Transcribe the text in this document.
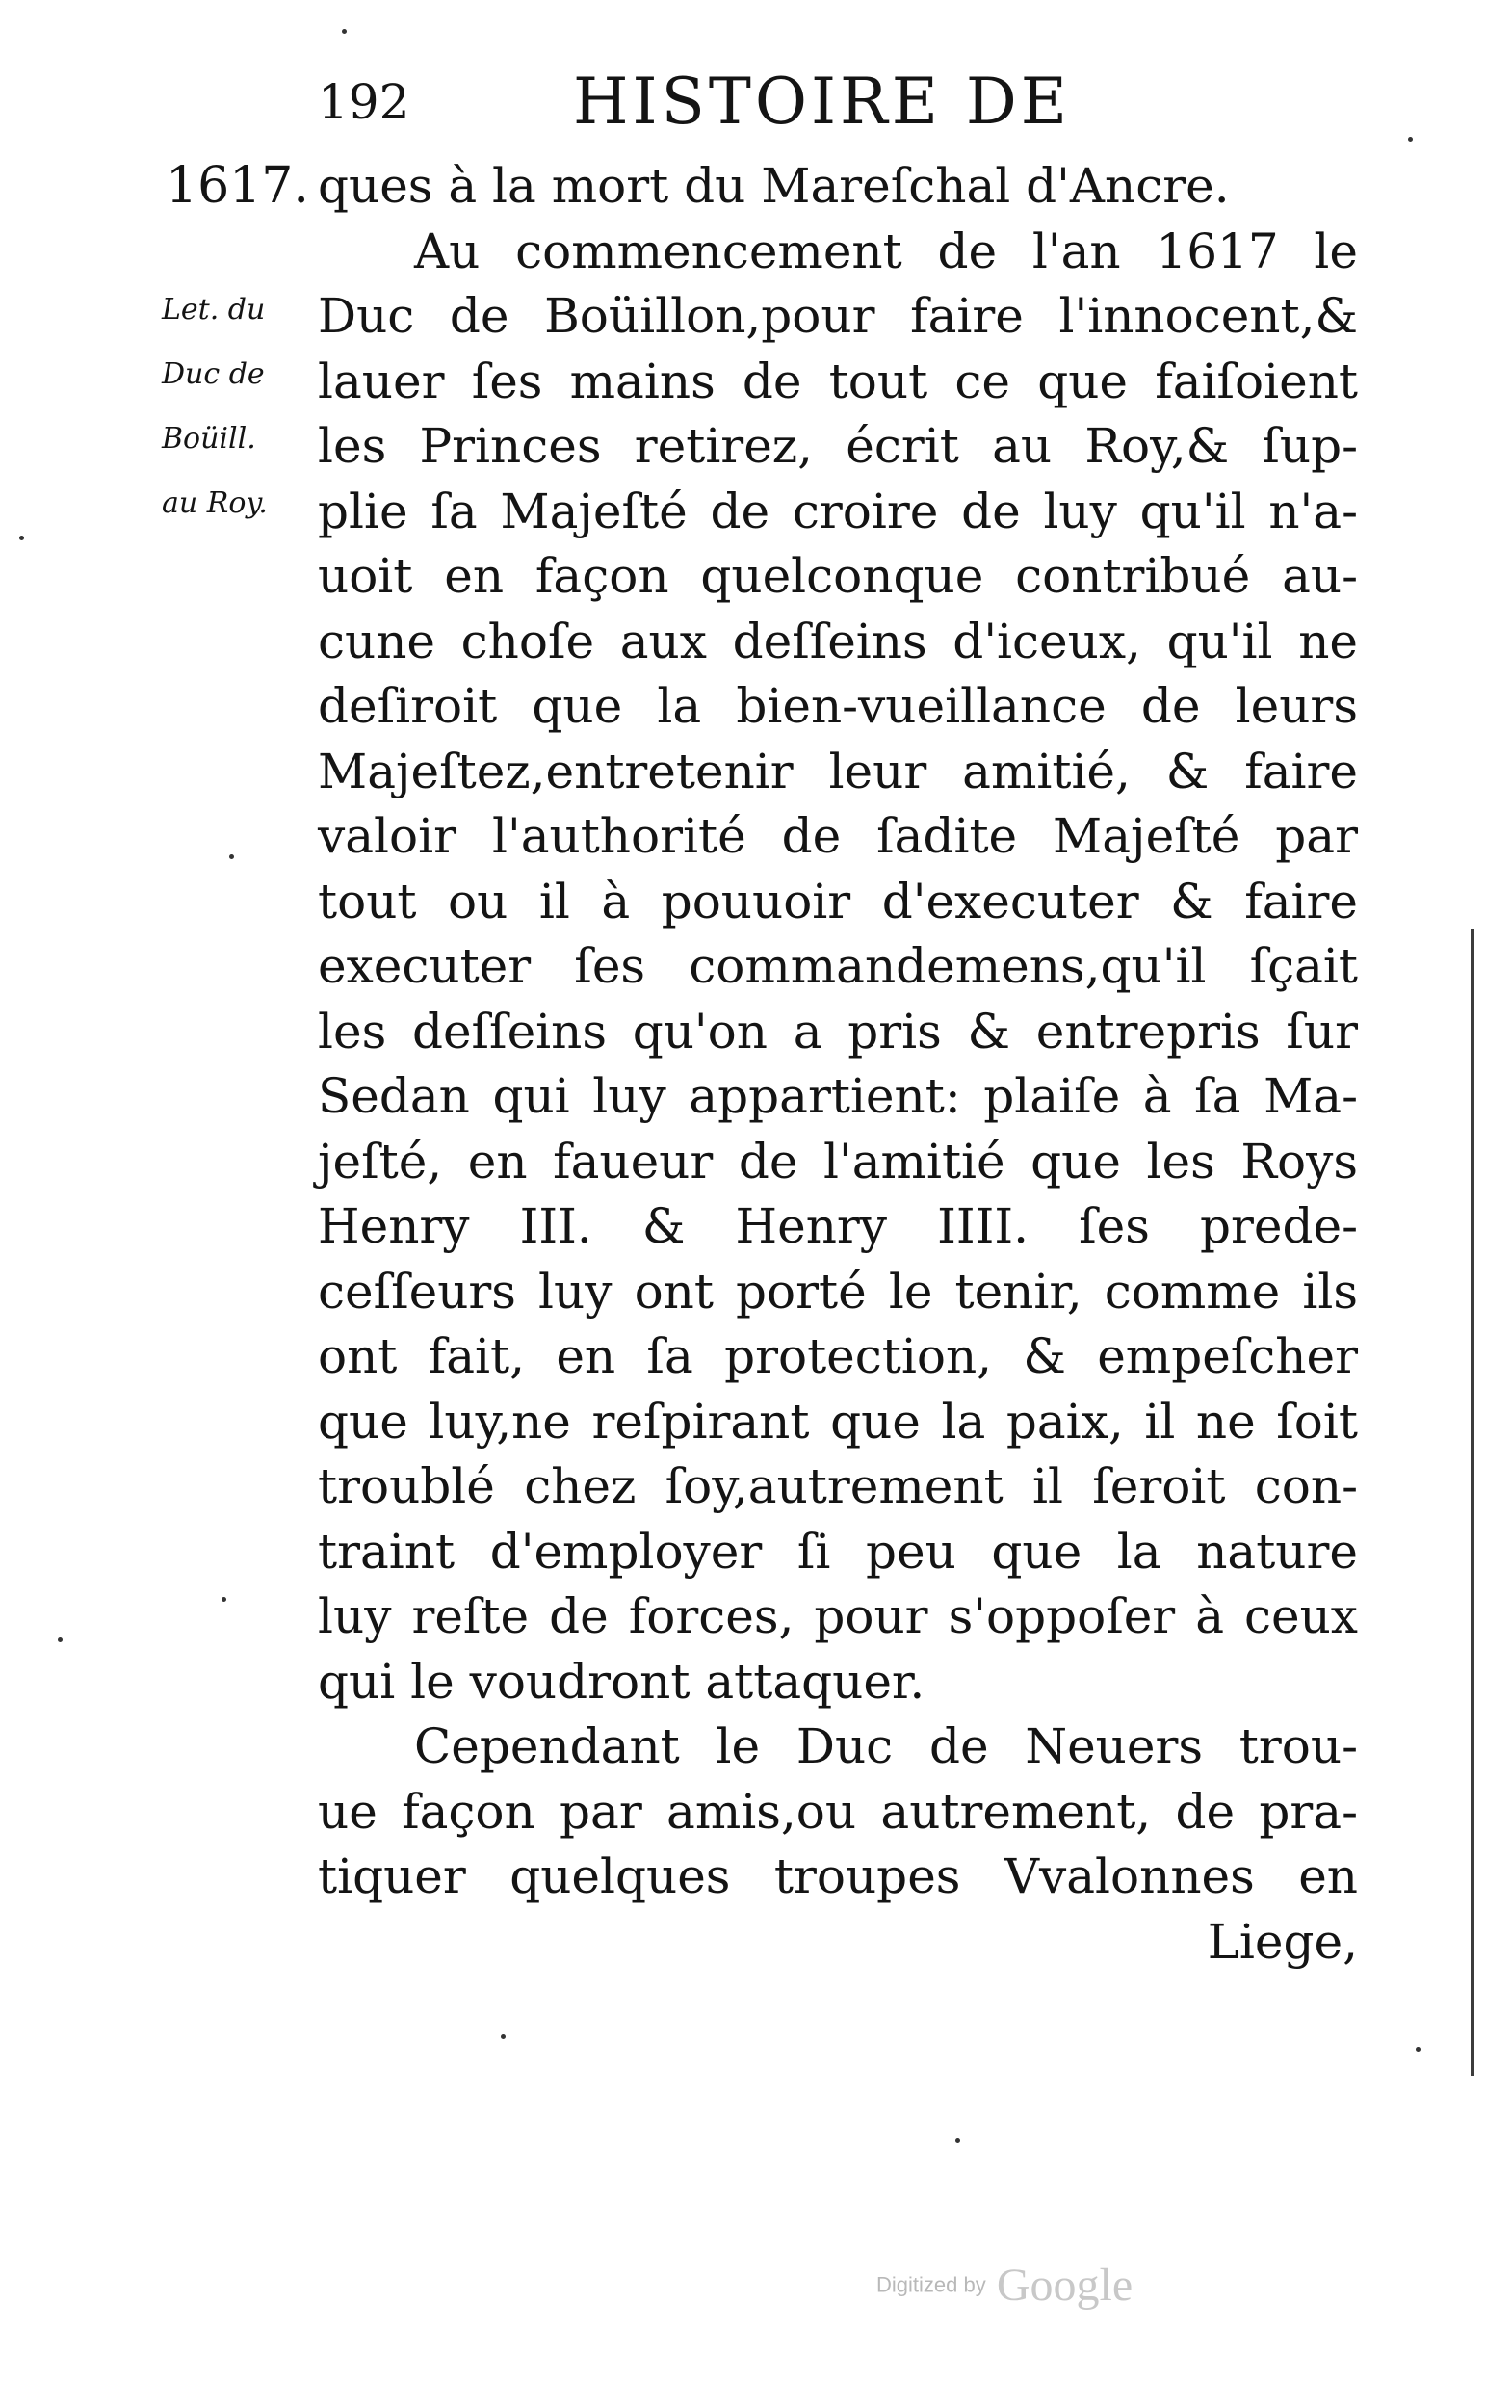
192	HISTOIRE DE
1617.
Let. du
Duc de
Boüill.
au Roy.
ques à la mort du Mareſchal d'Ancre.
Au commencement de l'an 1617 le
Duc de Boüillon,pour faire l'innocent,&
lauer ſes mains de tout ce que faiſoient
les Princes retirez, écrit au Roy,& ſup-
plie ſa Majeſté de croire de luy qu'il n'a-
uoit en façon quelconque contribué au-
cune choſe aux deſſeins d'iceux, qu'il ne
deſiroit que la bien-vueillance de leurs
Majeſtez,entretenir leur amitié, & faire
valoir l'authorité de ſadite Majeſté par
tout ou il à pouuoir d'executer & faire
executer ſes commandemens,qu'il ſçait
les deſſeins qu'on a pris & entrepris ſur
Sedan qui luy appartient: plaiſe à ſa Ma-
jeſté, en faueur de l'amitié que les Roys
Henry III. & Henry IIII. ſes prede-
ceſſeurs luy ont porté le tenir, comme ils
ont fait, en ſa protection, & empeſcher
que luy,ne reſpirant que la paix, il ne ſoit
troublé chez ſoy,autrement il ſeroit con-
traint d'employer ſi peu que la nature
luy reſte de forces, pour s'oppoſer à ceux
qui le voudront attaquer.
Cependant le Duc de Neuers trou-
ue façon par amis,ou autrement, de pra-
tiquer quelques troupes Vvalonnes en
Liege,
Digitized by Google
